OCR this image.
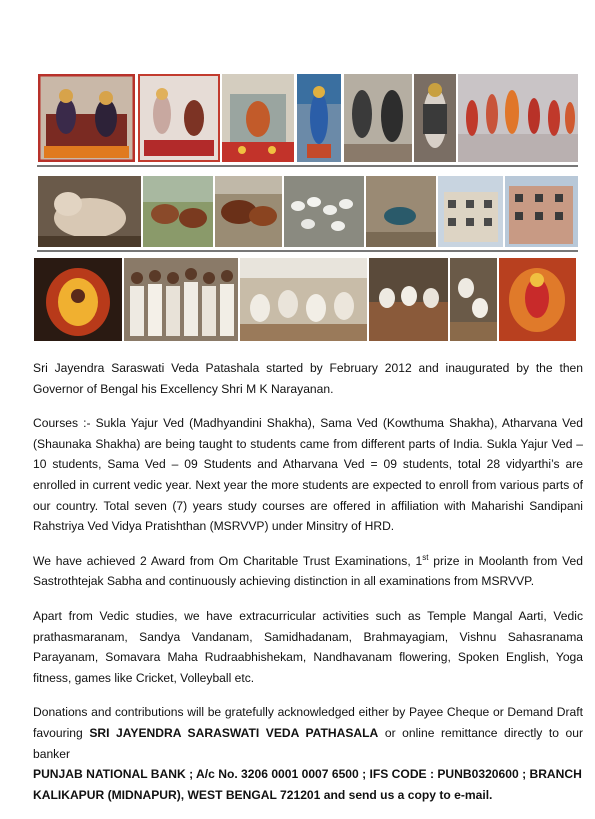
Sri Jayendra Saraswati Veda Patashala started by February 2012 and inaugurated by the then Governor of Bengal his Excellency Shri M K Narayanan.

Courses :- Sukla Yajur Ved (Madhyandini Shakha), Sama Ved (Kowthuma Shakha), Atharvana Ved (Shaunaka Shakha) are being taught to students came from different parts of India. Sukla Yajur Ved – 10 students, Sama Ved – 09 Students and Atharvana Ved = 09 students, total 28 vidyarthi’s are enrolled in current vedic year. Next year the more students are expected to enroll from various parts of our country. Total seven (7) years study courses are offered in affiliation with Maharishi Sandipani Rahstriya Ved Vidya Pratishthan (MSRVVP) under Minsitry of HRD.

We have achieved 2 Award from Om Charitable Trust Examinations, 1st prize in Moolanth from Ved Sastrothtejak Sabha and continuously achieving distinction in all examinations from MSRVVP.

Apart from Vedic studies, we have extracurricular activities such as Temple Mangal Aarti, Vedic prathasmaranam, Sandya Vandanam, Samidhadanam, Brahmayagiam, Vishnu Sahasranama Parayanam, Somavara Maha Rudraabhishekam, Nandhavanam flowering, Spoken English, Yoga fitness, games like Cricket, Volleyball etc.

Donations and contributions will be gratefully acknowledged either by Payee Cheque or Demand Draft favouring SRI JAYENDRA SARASWATI VEDA PATHASALA or online remittance directly to our banker
PUNJAB NATIONAL BANK ; A/c No. 3206 0001 0007 6500 ; IFS CODE : PUNB0320600 ; BRANCH
KALIKAPUR (MIDNAPUR), WEST BENGAL 721201 and send us a copy to e-mail.
